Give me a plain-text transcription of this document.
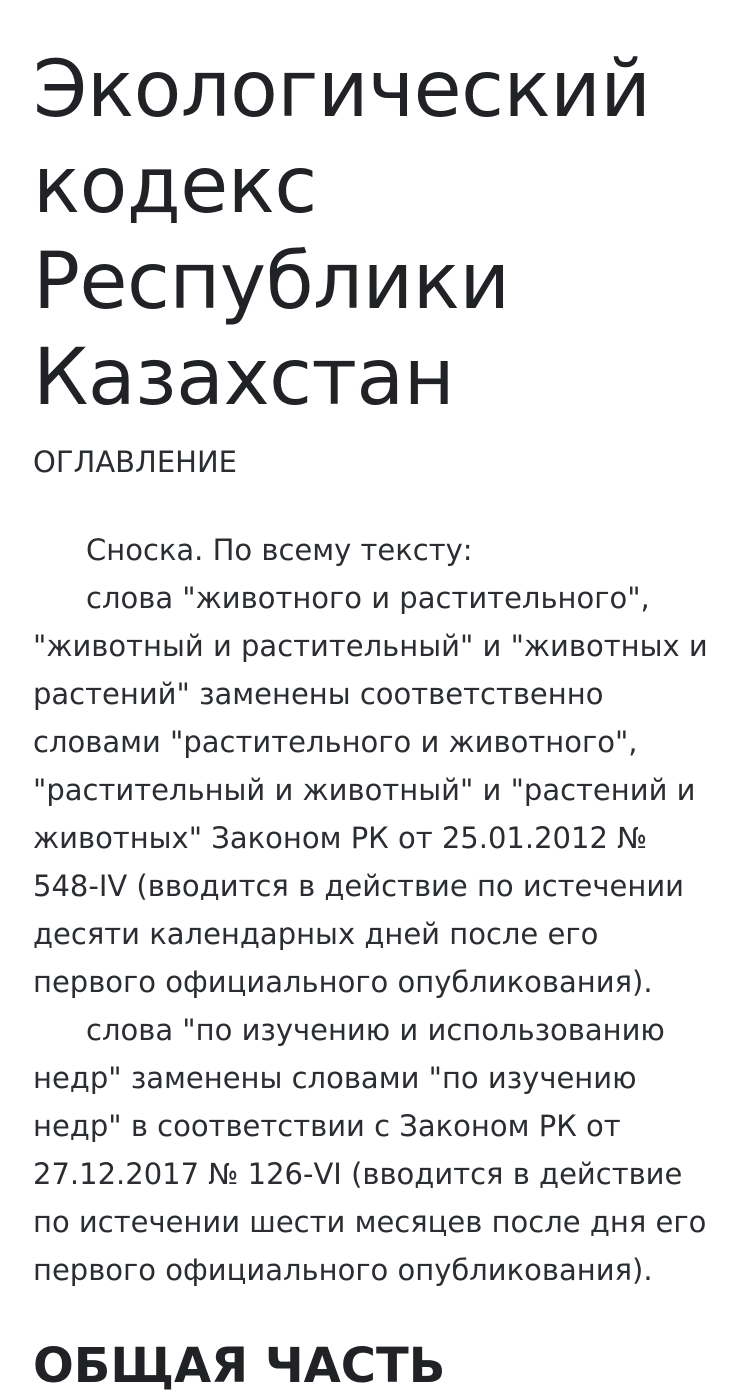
Экологический кодекс Республики Казахстан
ОГЛАВЛЕНИЕ

Сноска. По всему тексту:

слова "животного и растительного", "животный и растительный" и "животных и растений" заменены соответственно словами "растительного и животного", "растительный и животный" и "растений и животных" Законом РК от 25.01.2012 № 548-IV (вводится в действие по истечении десяти календарных дней после его первого официального опубликования).

слова "по изучению и использованию недр" заменены словами "по изучению недр" в соответствии с Законом РК от 27.12.2017 № 126-VI (вводится в действие по истечении шести месяцев после дня его первого официального опубликования).

ОБЩАЯ ЧАСТЬ
